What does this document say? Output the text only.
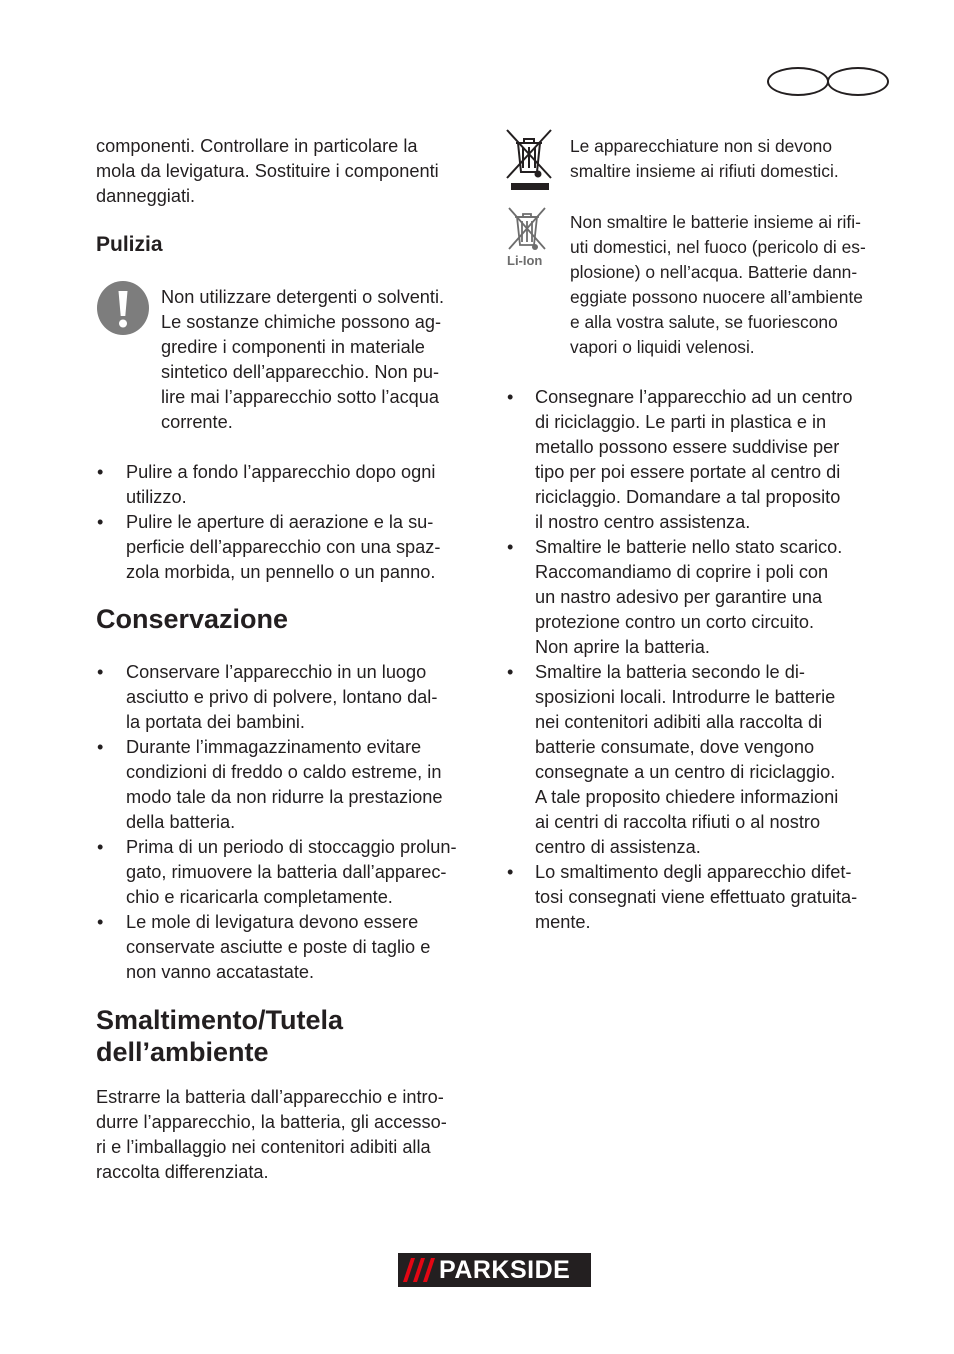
componenti. Controllare in particolare la
mola da levigatura. Sostituire i componenti
danneggiati.
Pulizia
Non utilizzare detergenti o solventi.
Le sostanze chimiche possono ag-
gredire i componenti in materiale
sintetico dell’apparecchio. Non pu-
lire mai l’apparecchio sotto l’acqua
corrente.
• Pulire a fondo l’apparecchio dopo ogni
utilizzo.
• Pulire le aperture di aerazione e la su-
perficie dell’apparecchio con una spaz-
zola morbida, un pennello o un panno.
Conservazione
• Conservare l’apparecchio in un luogo
asciutto e privo di polvere, lontano dal-
la portata dei bambini.
• Durante l’immagazzinamento evitare
condizioni di freddo o caldo estreme, in
modo tale da non ridurre la prestazione
della batteria.
• Prima di un periodo di stoccaggio prolun-
gato, rimuovere la batteria dall’apparec-
chio e ricaricarla completamente.
• Le mole di levigatura devono essere
conservate asciutte e poste di taglio e
non vanno accatastate.
Smaltimento/Tutela
dell’ambiente
Estrarre la batteria dall’apparecchio e intro-
durre l’apparecchio, la batteria, gli accesso-
ri e l’imballaggio nei contenitori adibiti alla
raccolta differenziata.
Le apparecchiature non si devono
smaltire insieme ai rifiuti domestici.
Li-Ion
Non smaltire le batterie insieme ai rifi-
uti domestici, nel fuoco (pericolo di es-
plosione) o nell’acqua. Batterie dann-
eggiate possono nuocere all’ambiente
e alla vostra salute, se fuoriescono
vapori o liquidi velenosi.
• Consegnare l’apparecchio ad un centro
di riciclaggio. Le parti in plastica e in
metallo possono essere suddivise per
tipo per poi essere portate al centro di
riciclaggio. Domandare a tal proposito
il nostro centro assistenza.
• Smaltire le batterie nello stato scarico.
Raccomandiamo di coprire i poli con
un nastro adesivo per garantire una
protezione contro un corto circuito.
Non aprire la batteria.
• Smaltire la batteria secondo le di-
sposizioni locali. Introdurre le batterie
nei contenitori adibiti alla raccolta di
batterie consumate, dove vengono
consegnate a un centro di riciclaggio.
A tale proposito chiedere informazioni
ai centri di raccolta rifiuti o al nostro
centro di assistenza.
• Lo smaltimento degli apparecchio difet-
tosi consegnati viene effettuato gratuita-
mente.
PARKSIDE
